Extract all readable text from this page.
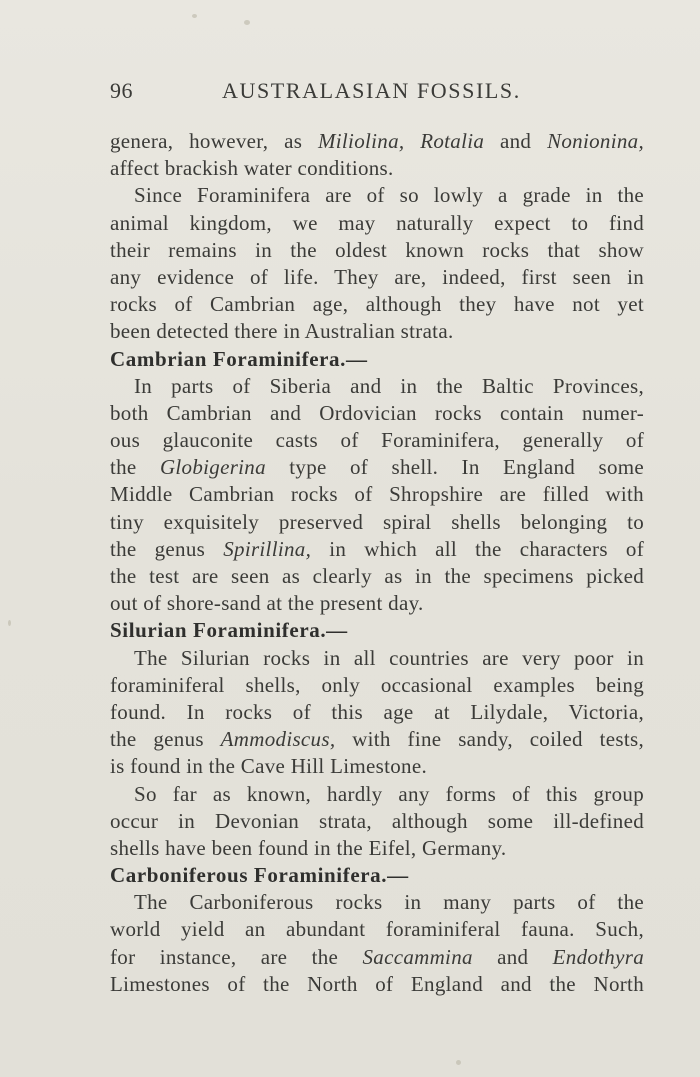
96	AUSTRALASIAN FOSSILS.
genera, however, as Miliolina, Rotalia and Nonionina,
affect brackish water conditions.
Since Foraminifera are of so lowly a grade in the
animal kingdom, we may naturally expect to find
their remains in the oldest known rocks that show
any evidence of life. They are, indeed, first seen in
rocks of Cambrian age, although they have not yet
been detected there in Australian strata.
Cambrian Foraminifera.—
In parts of Siberia and in the Baltic Provinces,
both Cambrian and Ordovician rocks contain numer-
ous glauconite casts of Foraminifera, generally of
the Globigerina type of shell. In England some
Middle Cambrian rocks of Shropshire are filled with
tiny exquisitely preserved spiral shells belonging to
the genus Spirillina, in which all the characters of
the test are seen as clearly as in the specimens picked
out of shore-sand at the present day.
Silurian Foraminifera.—
The Silurian rocks in all countries are very poor in
foraminiferal shells, only occasional examples being
found. In rocks of this age at Lilydale, Victoria,
the genus Ammodiscus, with fine sandy, coiled tests,
is found in the Cave Hill Limestone.
So far as known, hardly any forms of this group
occur in Devonian strata, although some ill-defined
shells have been found in the Eifel, Germany.
Carboniferous Foraminifera.—
The Carboniferous rocks in many parts of the
world yield an abundant foraminiferal fauna. Such,
for instance, are the Saccammina and Endothyra
Limestones of the North of England and the North
